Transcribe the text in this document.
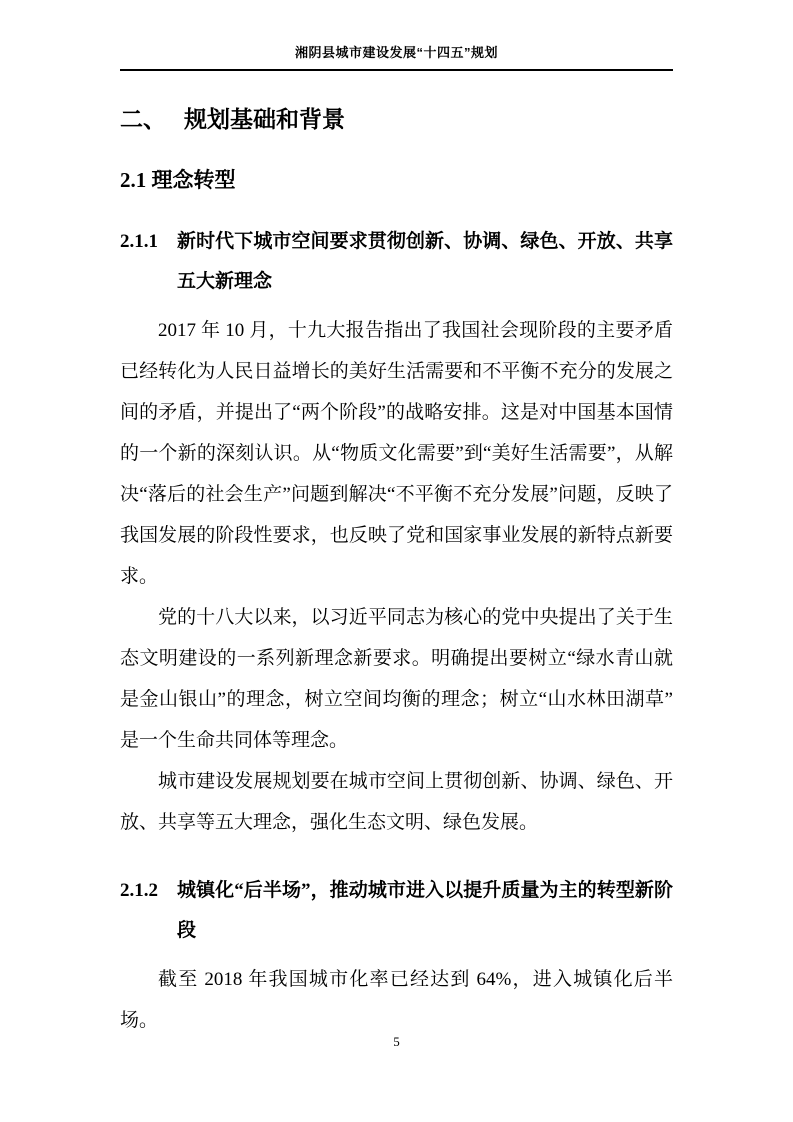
湘阴县城市建设发展“十四五”规划
二、 规划基础和背景
2.1 理念转型
2.1.1 新时代下城市空间要求贯彻创新、协调、绿色、开放、共享五大新理念

2017 年 10 月，十九大报告指出了我国社会现阶段的主要矛盾已经转化为人民日益增长的美好生活需要和不平衡不充分的发展之间的矛盾，并提出了“两个阶段”的战略安排。这是对中国基本国情的一个新的深刻认识。从“物质文化需要”到“美好生活需要”，从解决“落后的社会生产”问题到解决“不平衡不充分发展”问题，反映了我国发展的阶段性要求，也反映了党和国家事业发展的新特点新要求。

党的十八大以来，以习近平同志为核心的党中央提出了关于生态文明建设的一系列新理念新要求。明确提出要树立“绿水青山就是金山银山”的理念，树立空间均衡的理念；树立“山水林田湖草”是一个生命共同体等理念。

城市建设发展规划要在城市空间上贯彻创新、协调、绿色、开放、共享等五大理念，强化生态文明、绿色发展。

2.1.2 城镇化“后半场”，推动城市进入以提升质量为主的转型新阶段

截至 2018 年我国城市化率已经达到 64%，进入城镇化后半场。

5
